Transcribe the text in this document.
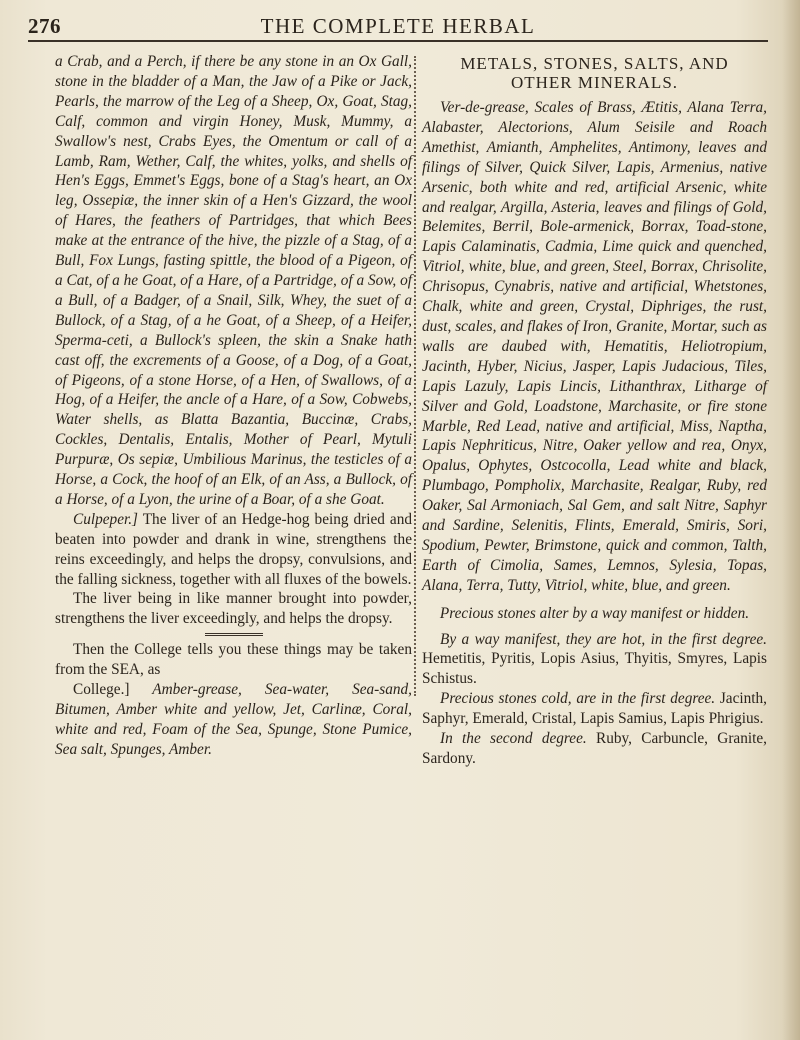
276	THE COMPLETE HERBAL

a Crab, and a Perch, if there be any stone in an Ox Gall, stone in the bladder of a Man, the Jaw of a Pike or Jack, Pearls, the marrow of the Leg of a Sheep, Ox, Goat, Stag, Calf, common and virgin Honey, Musk, Mummy, a Swallow's nest, Crabs Eyes, the Omentum or call of a Lamb, Ram, Wether, Calf, the whites, yolks, and shells of Hen's Eggs, Emmet's Eggs, bone of a Stag's heart, an Ox leg, Ossepiæ, the inner skin of a Hen's Gizzard, the wool of Hares, the feathers of Partridges, that which Bees make at the entrance of the hive, the pizzle of a Stag, of a Bull, Fox Lungs, fasting spittle, the blood of a Pigeon, of a Cat, of a he Goat, of a Hare, of a Partridge, of a Sow, of a Bull, of a Badger, of a Snail, Silk, Whey, the suet of a Bullock, of a Stag, of a he Goat, of a Sheep, of a Heifer, Sperma-ceti, a Bullock's spleen, the skin a Snake hath cast off, the excrements of a Goose, of a Dog, of a Goat, of Pigeons, of a stone Horse, of a Hen, of Swallows, of a Hog, of a Heifer, the ancle of a Hare, of a Sow, Cobwebs, Water shells, as Blatta Bazantia, Buccinæ, Crabs, Cockles, Dentalis, Entalis, Mother of Pearl, Mytuli Purpuræ, Os sepiæ, Umbilious Marinus, the testicles of a Horse, a Cock, the hoof of an Elk, of an Ass, a Bullock, of a Horse, of a Lyon, the urine of a Boar, of a she Goat.

Culpeper.] The liver of an Hedge-hog being dried and beaten into powder and drank in wine, strengthens the reins exceedingly, and helps the dropsy, convulsions, and the falling sickness, together with all fluxes of the bowels.

The liver being in like manner brought into powder, strengthens the liver exceedingly, and helps the dropsy.

Then the College tells you these things may be taken from the SEA, as

College.] Amber-grease, Sea-water, Sea-sand, Bitumen, Amber white and yellow, Jet, Carlinæ, Coral, white and red, Foam of the Sea, Spunge, Stone Pumice, Sea salt, Spunges, Amber.

METALS, STONES, SALTS, AND
OTHER MINERALS.

Ver-de-grease, Scales of Brass, Ætitis, Alana Terra, Alabaster, Alectorions, Alum Seisile and Roach Amethist, Amianth, Amphelites, Antimony, leaves and filings of Silver, Quick Silver, Lapis, Armenius, native Arsenic, both white and red, artificial Arsenic, white and realgar, Argilla, Asteria, leaves and filings of Gold, Belemites, Berril, Bole-armenick, Borrax, Toad-stone, Lapis Calaminatis, Cadmia, Lime quick and quenched, Vitriol, white, blue, and green, Steel, Borrax, Chrisolite, Chrisopus, Cynabris, native and artificial, Whetstones, Chalk, white and green, Crystal, Diphriges, the rust, dust, scales, and flakes of Iron, Granite, Mortar, such as walls are daubed with, Hematitis, Heliotropium, Jacinth, Hyber, Nicius, Jasper, Lapis Judacious, Tiles, Lapis Lazuly, Lapis Lincis, Lithanthrax, Litharge of Silver and Gold, Loadstone, Marchasite, or fire stone Marble, Red Lead, native and artificial, Miss, Naptha, Lapis Nephriticus, Nitre, Oaker yellow and rea, Onyx, Opalus, Ophytes, Ostcocolla, Lead white and black, Plumbago, Pompholix, Marchasite, Realgar, Ruby, red Oaker, Sal Armoniach, Sal Gem, and salt Nitre, Saphyr and Sardine, Selenitis, Flints, Emerald, Smiris, Sori, Spodium, Pewter, Brimstone, quick and common, Talth, Earth of Cimolia, Sames, Lemnos, Sylesia, Topas, Alana, Terra, Tutty, Vitriol, white, blue, and green.

Precious stones alter by a way manifest or hidden.

By a way manifest, they are hot, in the first degree. Hemetitis, Pyritis, Lopis Asius, Thyitis, Smyres, Lapis Schistus.

Precious stones cold, are in the first degree. Jacinth, Saphyr, Emerald, Cristal, Lapis Samius, Lapis Phrigius.

In the second degree. Ruby, Carbuncle, Granite, Sardony.
